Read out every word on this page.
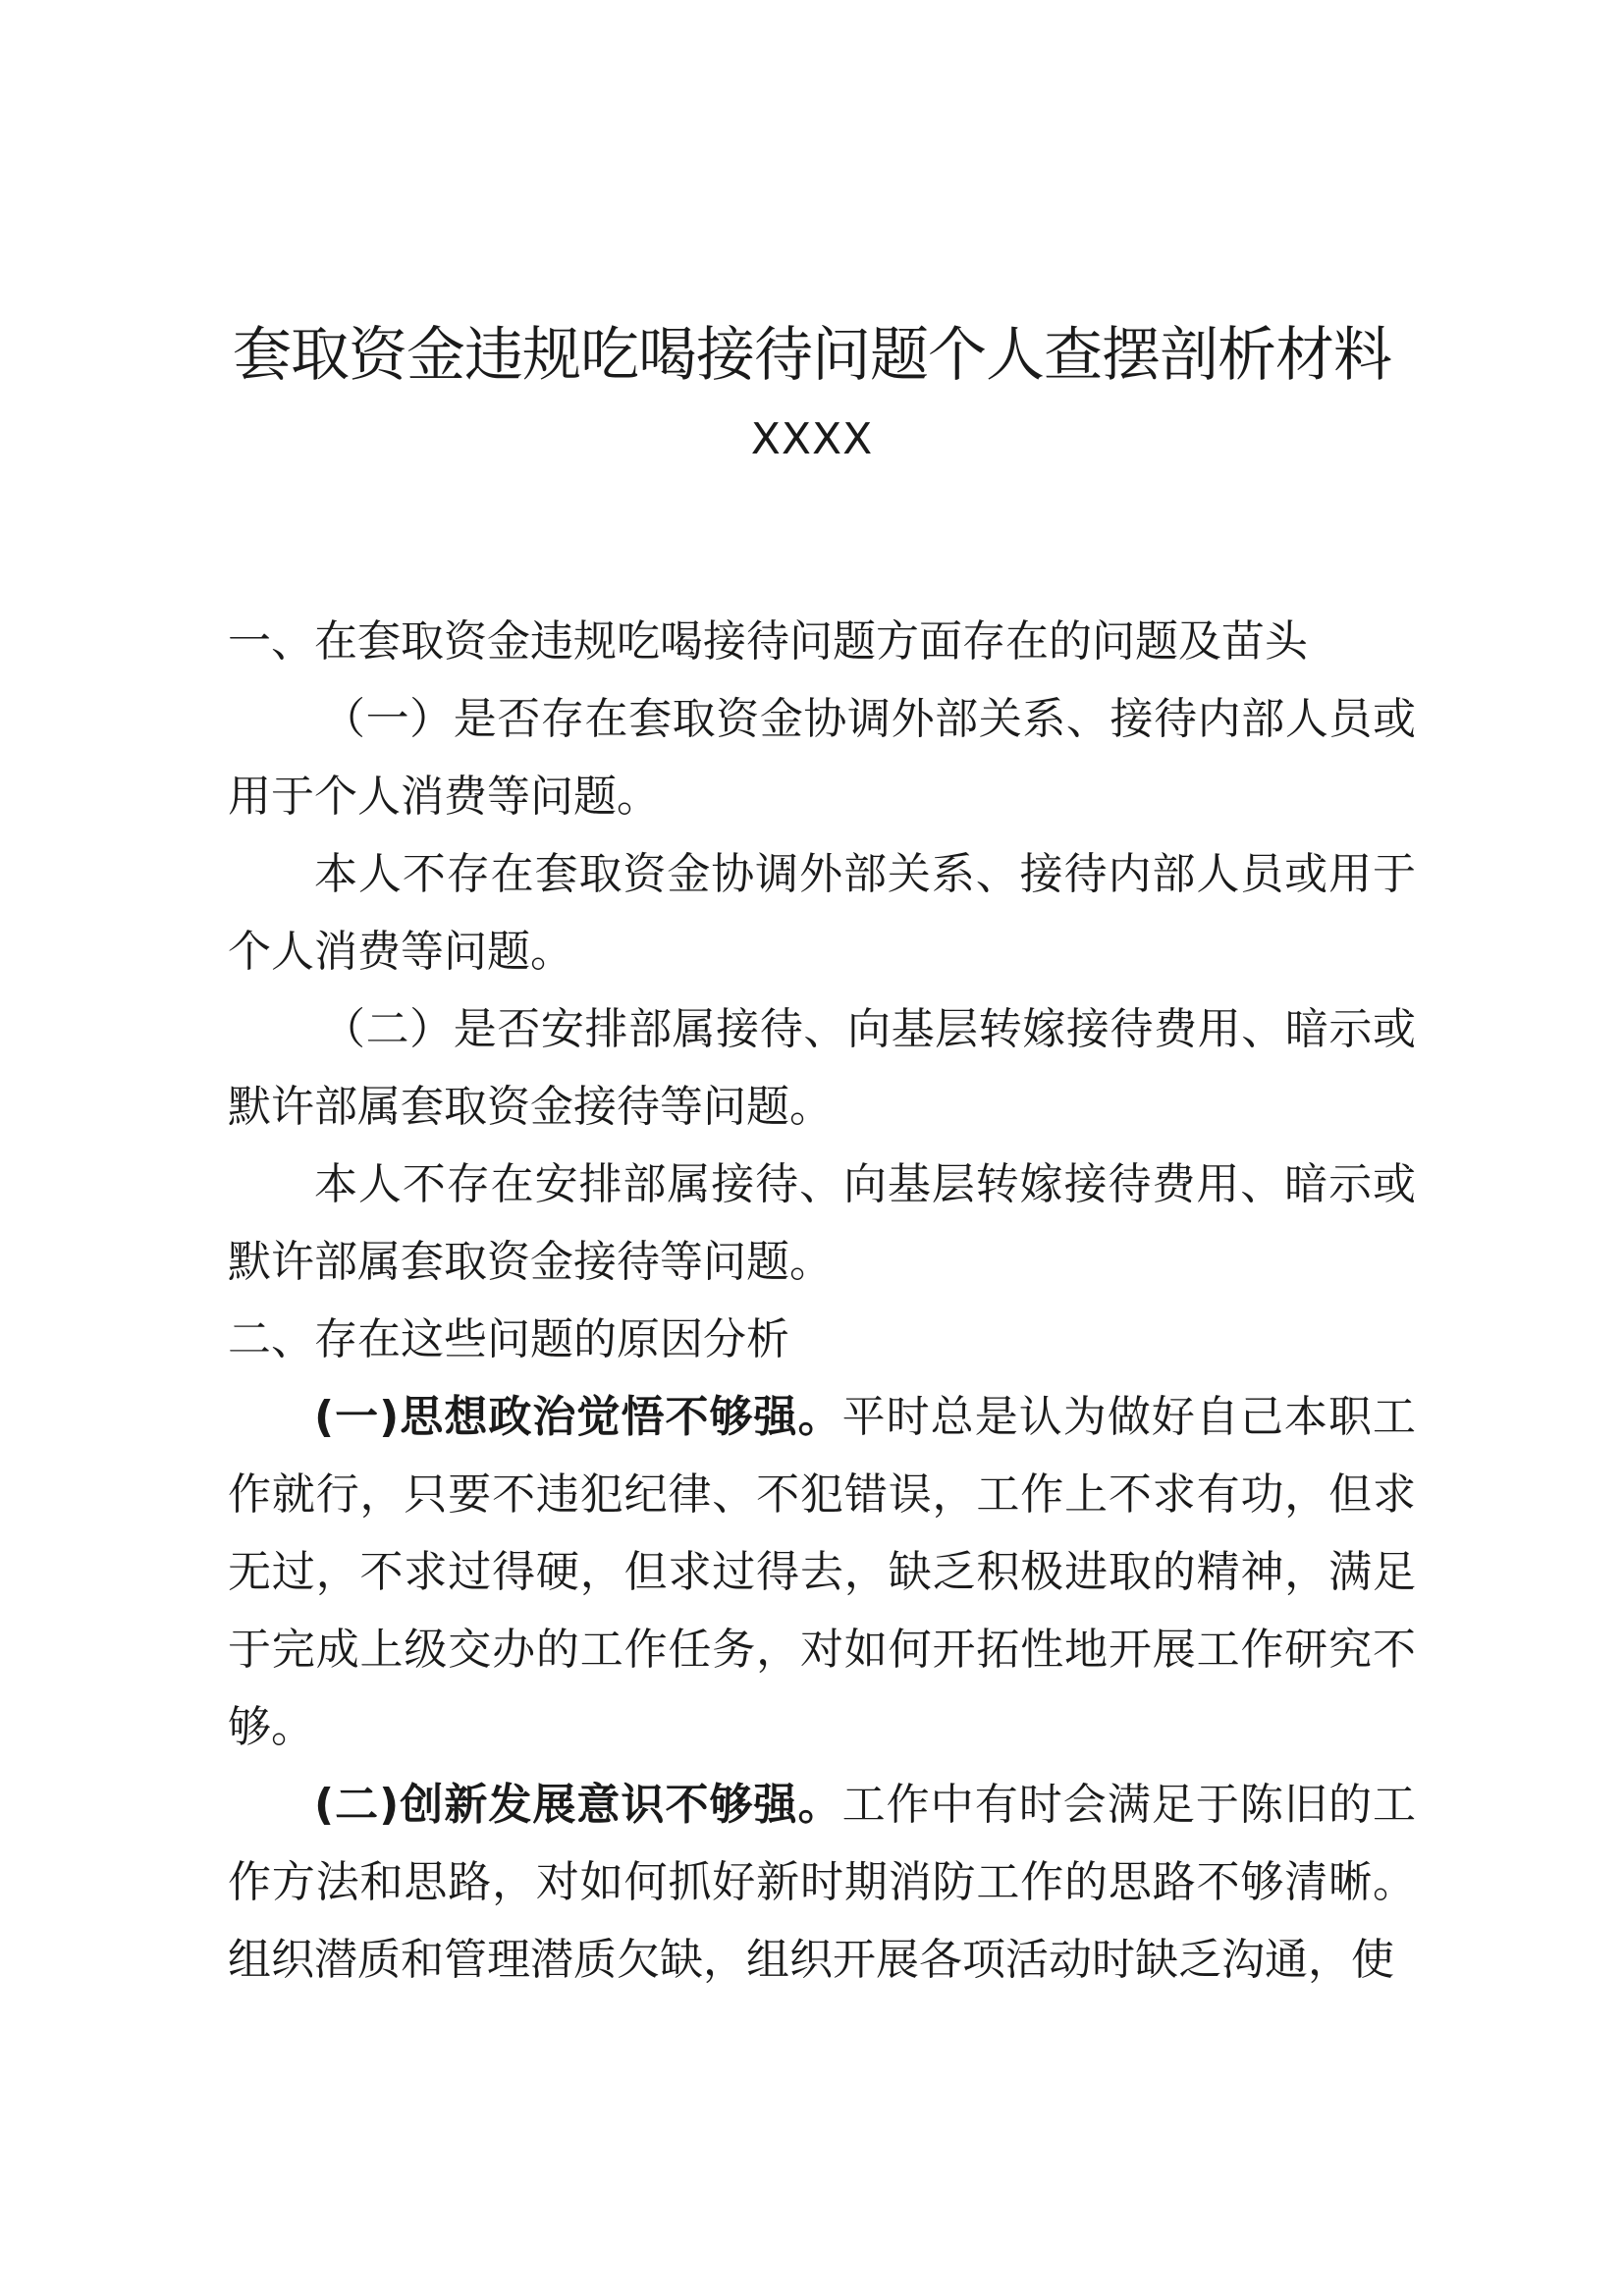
套取资金违规吃喝接待问题个人查摆剖析材料
XXXX

一、在套取资金违规吃喝接待问题方面存在的问题及苗头

（一）是否存在套取资金协调外部关系、接待内部人员或用于个人消费等问题。

本人不存在套取资金协调外部关系、接待内部人员或用于个人消费等问题。

（二）是否安排部属接待、向基层转嫁接待费用、暗示或默许部属套取资金接待等问题。

本人不存在安排部属接待、向基层转嫁接待费用、暗示或默许部属套取资金接待等问题。

二、存在这些问题的原因分析

(一)思想政治觉悟不够强。平时总是认为做好自己本职工作就行，只要不违犯纪律、不犯错误，工作上不求有功，但求无过，不求过得硬，但求过得去，缺乏积极进取的精神，满足于完成上级交办的工作任务，对如何开拓性地开展工作研究不够。

(二)创新发展意识不够强。工作中有时会满足于陈旧的工作方法和思路，对如何抓好新时期消防工作的思路不够清晰。组织潜质和管理潜质欠缺，组织开展各项活动时缺乏沟通，使
